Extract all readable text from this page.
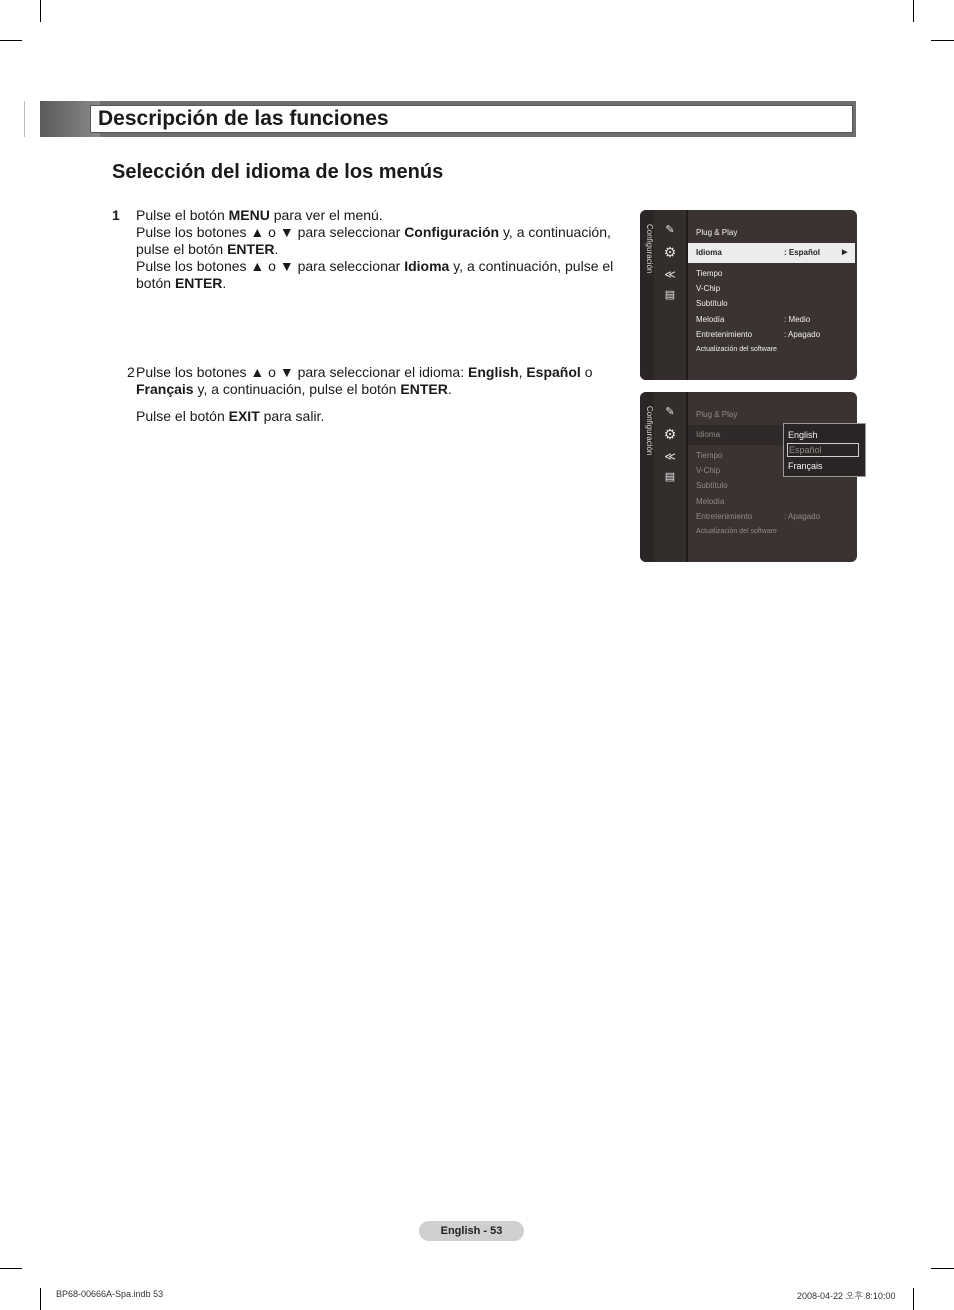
Descripción de las funciones
Selección del idioma de los menús
1 Pulse el botón MENU para ver el menú.
Pulse los botones ▲ o ▼ para seleccionar Configuración y, a continuación, pulse el botón ENTER.
Pulse los botones ▲ o ▼ para seleccionar Idioma y, a continuación, pulse el botón ENTER.
2 Pulse los botones ▲ o ▼ para seleccionar el idioma: English, Español o Français y, a continuación, pulse el botón ENTER.
Pulse el botón EXIT para salir.
Configuración	✎
⚙
≪
▤
Plug & Play
Idioma	: Español	▶
Tiempo
V-Chip
Subtítulo
Melodía	: Medio
Entretenimiento	: Apagado
Actualización del software
Configuración	✎
⚙
≪
▤
Plug & Play
Idioma
Tiempo
V-Chip
Subtítulo
Melodía
Entretenimiento	: Apagado
Actualización del software
English
Español
Français
English - 53
BP68-00666A-Spa.indb 53	2008-04-22 오후 8:10:00
